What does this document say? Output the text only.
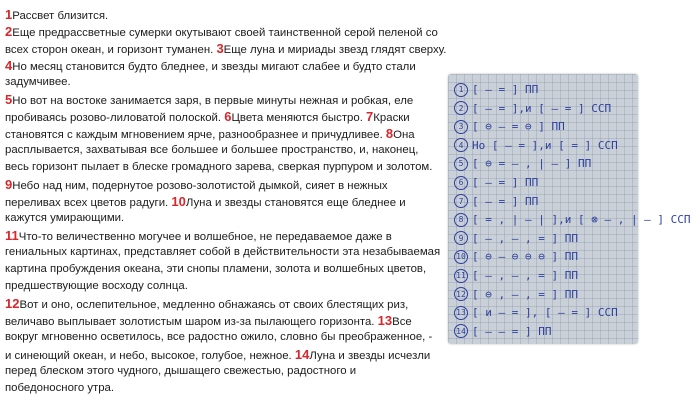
1Рассвет близится.
2Еще предрассветные сумерки окутывают своей таинственной серой пеленой со
всех сторон океан, и горизонт туманен. 3Еще луна и мириады звезд глядят сверху.
4Но месяц становится будто бледнее, и звезды мигают слабее и будто стали
задумчивее.
5Но вот на востоке занимается заря, в первые минуты нежная и робкая, еле
пробиваясь розово-лиловатой полоской. 6Цвета меняются быстро. 7Краски
становятся с каждым мгновением ярче, разнообразнее и причудливее. 8Она
расплывается, захватывая все большее и большее пространство, и, наконец,
весь горизонт пылает в блеске громадного зарева, сверкая пурпуром и золотом.
9Небо над ним, подернутое розово-золотистой дымкой, сияет в нежных
переливах всех цветов радуги. 10Луна и звезды становятся еще бледнее и
кажутся умирающими.
11Что-то величественно могучее и волшебное, не передаваемое даже в
гениальных картинах, представляет собой в действительности эта незабываемая
картина пробуждения океана, эти снопы пламени, золота и волшебных цветов,
предшествующие восходу солнца.
12Вот и оно, ослепительное, медленно обнажаясь от своих блестящих риз,
величаво выплывает золотистым шаром из-за пылающего горизонта. 13Все
вокруг мгновенно осветилось, все радостно ожило, словно бы преображенное, -
и синеющий океан, и небо, высокое, голубое, нежное. 14Луна и звезды исчезли
перед блеском этого чудного, дышащего свежестью, радостного и
победоносного утра.
1 [ – = ] ПП
2 [ – = ],и [ – = ] ССП
3 [ ⊖ – = ⊖ ] ПП
4 Но [ – = ],и [ = ] ССП
5 [ ⊖ = – , | – ] ПП
6 [ – = ] ПП
7 [ – = ] ПП
8 [ = , | – | ],и [ ⊗ – , | – ] ССП
9 [ – , – , = ] ПП
10 [ ⊖ – ⊖ ⊖ ⊖ ] ПП
11 [ – , – , = ] ПП
12 [ ⊖ , – , = ] ПП
13 [ и – = ], [ – = ] ССП
14 [ – – = ] ПП
